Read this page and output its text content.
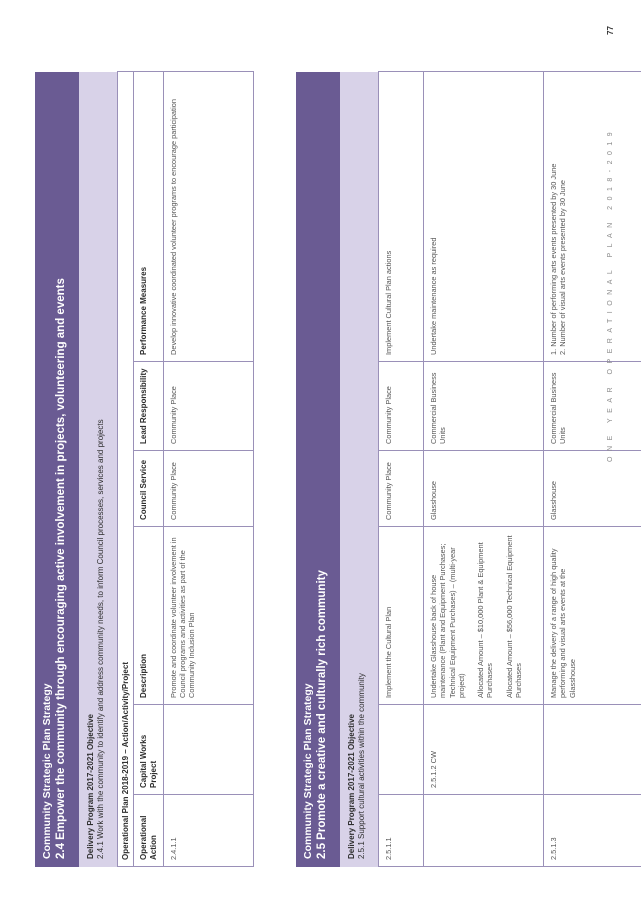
Community Strategic Plan Strategy 2.4 Empower the community through encouraging active involvement in projects, volunteering and events Delivery Program 2017-2021 Objective 2.4.1 Work with the community to identify and address community needs, to inform Council processes, services and projects Operational Plan 2018-2019 – Action/Activity/Project					
Operational Action	Capital Works Project	Description	Council Service	Lead Responsibility	Performance Measures
2.4.1.1		Promote and coordinate volunteer involvement in Council programs and activities as part of the Community Inclusion Plan	Community Place	Community Place	Develop innovative coordinated volunteer programs to encourage participation
Community Strategic Plan Strategy 2.5 Promote a creative and culturally rich community Delivery Program 2017-2021 Objective 2.5.1 Support cultural activities within the community 2.5.1.1		Implement the Cultural Plan	Community Place	Community Place	Implement Cultural Plan actions
	2.5.1.2 CW	Undertake Glasshouse back of house maintenance (Plant and Equipment Purchases; Technical Equipment Purchases) – (multi-year project) Allocated Amount – $10,000 Plant & Equipment Purchases Allocated Amount – $56,000 Technical Equipment Purchases	Glasshouse	Commercial Business Units	Undertake maintenance as required
2.5.1.3		Manage the delivery of a range of high quality performing and visual arts events at the Glasshouse	Glasshouse	Commercial Business Units	1. Number of performing arts events presented by 30 June 2. Number of visual arts events presented by 30 June	ONE YEAR OPERATIONAL PLAN 2018-2019
77
